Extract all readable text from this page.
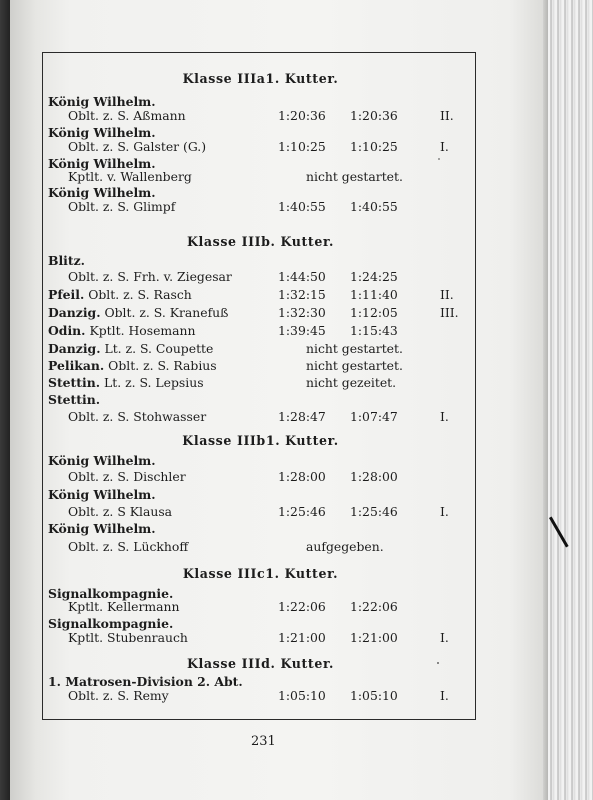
Klasse IIIa1. Kutter.
König Wilhelm.
Oblt. z. S. Aßmann	1:20:36 1:20:36	II.
König Wilhelm.
Oblt. z. S. Galster (G.)	1:10:25 1:10:25	I.
König Wilhelm.
Kptlt. v. Wallenberg	nicht gestartet.
König Wilhelm.
Oblt. z. S. Glimpf	1:40:55 1:40:55
Klasse IIIb. Kutter.
Blitz.
Oblt. z. S. Frh. v. Ziegesar	1:44:50 1:24:25
Pfeil. Oblt. z. S. Rasch	1:32:15 1:11:40	II.
Danzig. Oblt. z. S. Kranefuß	1:32:30 1:12:05	III.
Odin. Kptlt. Hosemann	1:39:45 1:15:43
Danzig. Lt. z. S. Coupette	nicht gestartet.
Pelikan. Oblt. z. S. Rabius	nicht gestartet.
Stettin. Lt. z. S. Lepsius	nicht gezeitet.
Stettin.
Oblt. z. S. Stohwasser	1:28:47 1:07:47	I.
Klasse IIIb1. Kutter.
König Wilhelm.
Oblt. z. S. Dischler	1:28:00 1:28:00
König Wilhelm.
Oblt. z. S Klausa	1:25:46 1:25:46	I.
König Wilhelm.
Oblt. z. S. Lückhoff	aufgegeben.
Klasse IIIc1. Kutter.
Signalkompagnie.
Kptlt. Kellermann	1:22:06 1:22:06
Signalkompagnie.
Kptlt. Stubenrauch	1:21:00 1:21:00	I.
Klasse IIId. Kutter.
1. Matrosen-Division 2. Abt.
Oblt. z. S. Remy	1:05:10 1:05:10	I.
231
